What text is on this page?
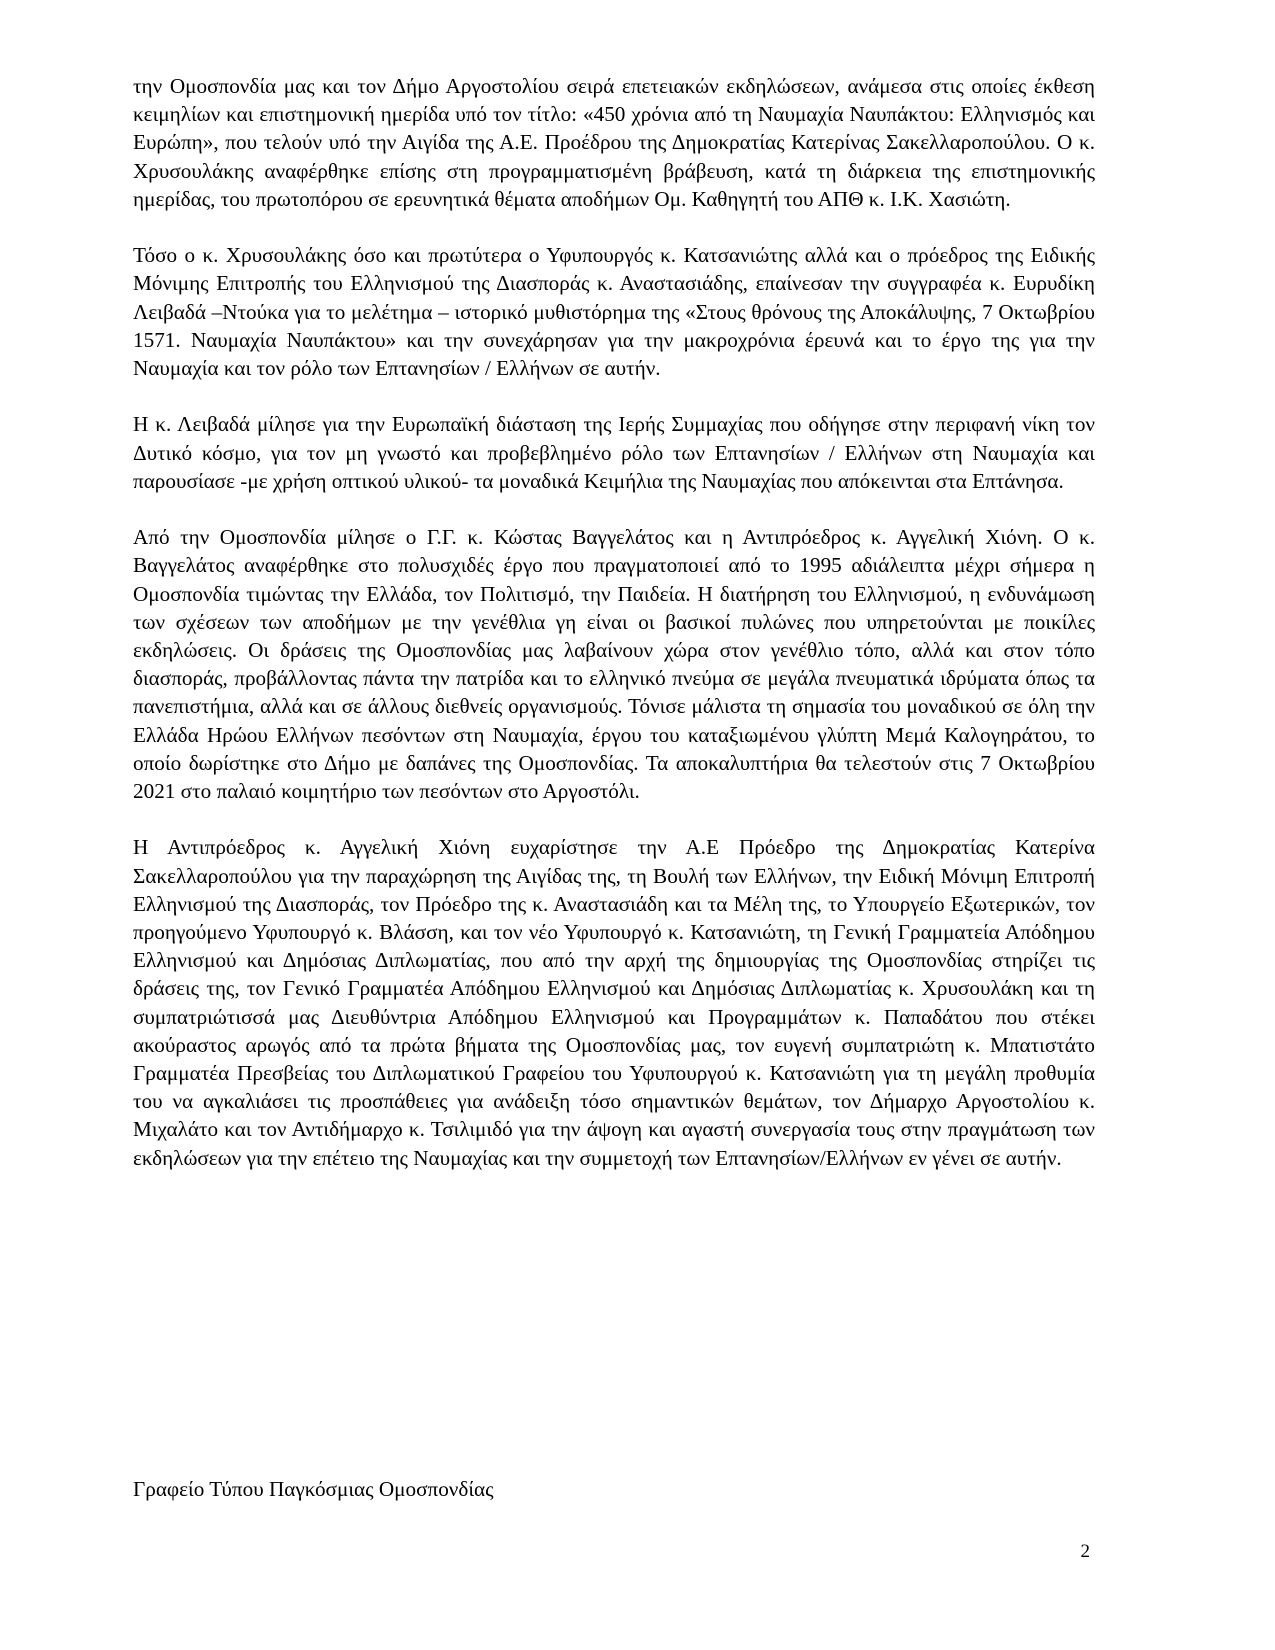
την Ομοσπονδία μας και τον Δήμο Αργοστολίου σειρά επετειακών εκδηλώσεων, ανάμεσα στις οποίες έκθεση κειμηλίων και επιστημονική ημερίδα υπό τον τίτλο: «450 χρόνια από τη Ναυμαχία Ναυπάκτου: Ελληνισμός και Ευρώπη», που τελούν υπό την Αιγίδα της Α.Ε. Προέδρου της Δημοκρατίας Κατερίνας Σακελλαροπούλου. Ο κ. Χρυσουλάκης αναφέρθηκε επίσης στη προγραμματισμένη βράβευση, κατά τη διάρκεια της επιστημονικής ημερίδας, του πρωτοπόρου σε ερευνητικά θέματα αποδήμων Ομ. Καθηγητή του ΑΠΘ κ. Ι.Κ. Χασιώτη.

Τόσο ο κ. Χρυσουλάκης όσο και πρωτύτερα ο Υφυπουργός κ. Κατσανιώτης αλλά και ο πρόεδρος της Ειδικής Μόνιμης Επιτροπής του Ελληνισμού της Διασποράς κ. Αναστασιάδης, επαίνεσαν την συγγραφέα κ. Ευρυδίκη Λειβαδά –Ντούκα για το μελέτημα – ιστορικό μυθιστόρημα της «Στους θρόνους της Αποκάλυψης, 7 Οκτωβρίου 1571. Ναυμαχία Ναυπάκτου» και την συνεχάρησαν για την μακροχρόνια έρευνά και το έργο της για την Ναυμαχία και τον ρόλο των Επτανησίων / Ελλήνων σε αυτήν.

Η κ. Λειβαδά μίλησε για την Ευρωπαϊκή διάσταση της Ιερής Συμμαχίας που οδήγησε στην περιφανή νίκη τον Δυτικό κόσμο, για τον μη γνωστό και προβεβλημένο ρόλο των Επτανησίων / Ελλήνων στη Ναυμαχία και παρουσίασε -με χρήση οπτικού υλικού- τα μοναδικά Κειμήλια της Ναυμαχίας που απόκεινται στα Επτάνησα.

Από την Ομοσπονδία μίλησε ο Γ.Γ. κ. Κώστας Βαγγελάτος και η Αντιπρόεδρος κ. Αγγελική Χιόνη. Ο κ. Βαγγελάτος αναφέρθηκε στο πολυσχιδές έργο που πραγματοποιεί από το 1995 αδιάλειπτα μέχρι σήμερα η Ομοσπονδία τιμώντας την Ελλάδα, τον Πολιτισμό, την Παιδεία. Η διατήρηση του Ελληνισμού, η ενδυνάμωση των σχέσεων των αποδήμων με την γενέθλια γη είναι οι βασικοί πυλώνες που υπηρετούνται με ποικίλες εκδηλώσεις. Οι δράσεις της Ομοσπονδίας μας λαβαίνουν χώρα στον γενέθλιο τόπο, αλλά και στον τόπο διασποράς, προβάλλοντας πάντα την πατρίδα και το ελληνικό πνεύμα σε μεγάλα πνευματικά ιδρύματα όπως τα πανεπιστήμια, αλλά και σε άλλους διεθνείς οργανισμούς. Τόνισε μάλιστα τη σημασία του μοναδικού σε όλη την Ελλάδα Ηρώου Ελλήνων πεσόντων στη Ναυμαχία, έργου του καταξιωμένου γλύπτη Μεμά Καλογηράτου, το οποίο δωρίστηκε στο Δήμο με δαπάνες της Ομοσπονδίας. Τα αποκαλυπτήρια θα τελεστούν στις 7 Οκτωβρίου 2021 στο παλαιό κοιμητήριο των πεσόντων στο Αργοστόλι.

Η Αντιπρόεδρος κ. Αγγελική Χιόνη ευχαρίστησε την Α.Ε Πρόεδρο της Δημοκρατίας Κατερίνα Σακελλαροπούλου για την παραχώρηση της Αιγίδας της, τη Βουλή των Ελλήνων, την Ειδική Μόνιμη Επιτροπή Ελληνισμού της Διασποράς, τον Πρόεδρο της κ. Αναστασιάδη και τα Μέλη της, το Υπουργείο Εξωτερικών, τον προηγούμενο Υφυπουργό κ. Βλάσση, και τον νέο Υφυπουργό κ. Κατσανιώτη, τη Γενική Γραμματεία Απόδημου Ελληνισμού και Δημόσιας Διπλωματίας, που από την αρχή της δημιουργίας της Ομοσπονδίας στηρίζει τις δράσεις της, τον Γενικό Γραμματέα Απόδημου Ελληνισμού και Δημόσιας Διπλωματίας κ. Χρυσουλάκη και τη συμπατριώτισσά μας Διευθύντρια Απόδημου Ελληνισμού και Προγραμμάτων κ. Παπαδάτου που στέκει ακούραστος αρωγός από τα πρώτα βήματα της Ομοσπονδίας μας, τον ευγενή συμπατριώτη κ. Μπατιστάτο Γραμματέα Πρεσβείας του Διπλωματικού Γραφείου του Υφυπουργού κ. Κατσανιώτη για τη μεγάλη προθυμία του να αγκαλιάσει τις προσπάθειες για ανάδειξη τόσο σημαντικών θεμάτων, τον Δήμαρχο Αργοστολίου κ. Μιχαλάτο και τον Αντιδήμαρχο κ. Τσιλιμιδό για την άψογη και αγαστή συνεργασία τους στην πραγμάτωση των εκδηλώσεων για την επέτειο της Ναυμαχίας και την συμμετοχή των Επτανησίων/Ελλήνων εν γένει σε αυτήν.

Γραφείο Τύπου Παγκόσμιας Ομοσπονδίας

2
